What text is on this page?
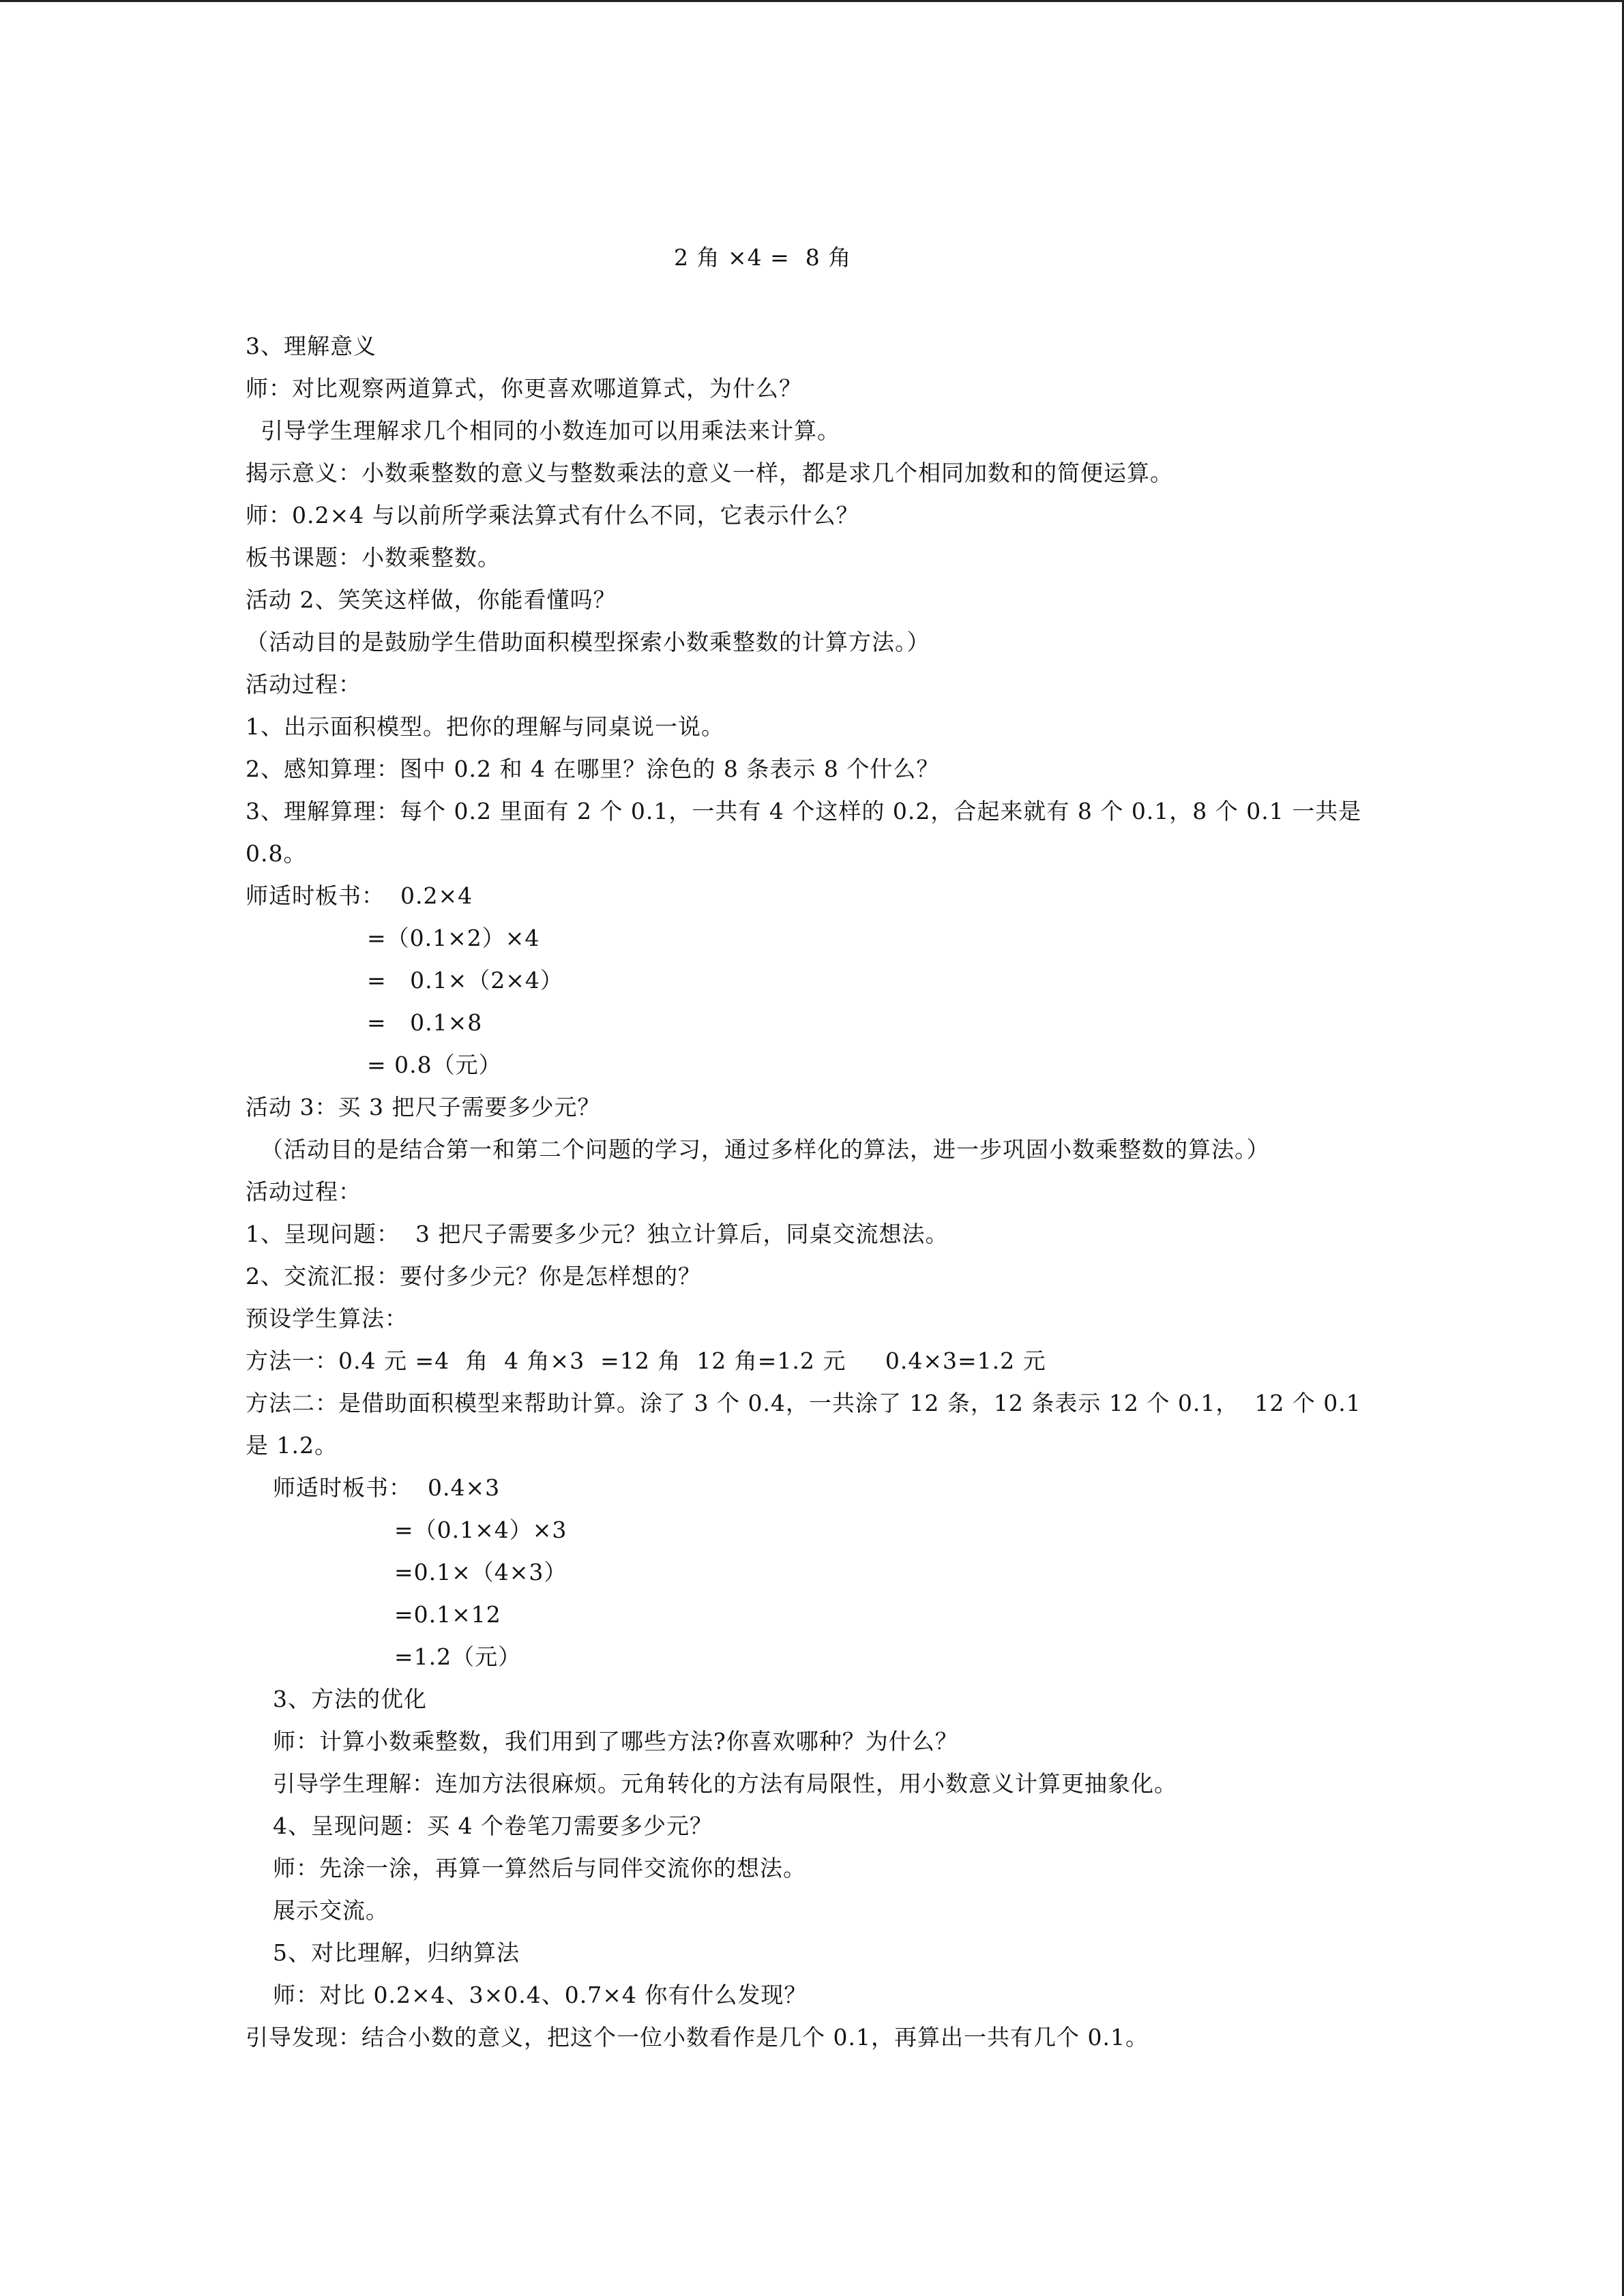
2 角 ×4 =  8 角
3、理解意义
师：对比观察两道算式，你更喜欢哪道算式，为什么？
引导学生理解求几个相同的小数连加可以用乘法来计算。
揭示意义：小数乘整数的意义与整数乘法的意义一样，都是求几个相同加数和的简便运算。
师：0.2×4 与以前所学乘法算式有什么不同，它表示什么？
板书课题：小数乘整数。
活动 2、笑笑这样做，你能看懂吗？
（活动目的是鼓励学生借助面积模型探索小数乘整数的计算方法。）
活动过程：
1、出示面积模型。把你的理解与同桌说一说。
2、感知算理：图中 0.2 和 4 在哪里？涂色的 8 条表示 8 个什么？
3、理解算理：每个 0.2 里面有 2 个 0.1，一共有 4 个这样的 0.2，合起来就有 8 个 0.1，8 个 0.1 一共是
0.8。
师适时板书：  0.2×4
=（0.1×2）×4
=   0.1×（2×4）
=   0.1×8
= 0.8（元）
活动 3：买 3 把尺子需要多少元？
（活动目的是结合第一和第二个问题的学习，通过多样化的算法，进一步巩固小数乘整数的算法。）
活动过程：
1、呈现问题：  3 把尺子需要多少元？独立计算后，同桌交流想法。
2、交流汇报：要付多少元？你是怎样想的？
预设学生算法：
方法一：0.4 元 =4  角  4 角×3  =12 角  12 角=1.2 元     0.4×3=1.2 元
方法二：是借助面积模型来帮助计算。涂了 3 个 0.4，一共涂了 12 条，12 条表示 12 个 0.1，  12 个 0.1
是 1.2。
师适时板书：  0.4×3
=（0.1×4）×3
=0.1×（4×3）
=0.1×12
=1.2（元）
3、方法的优化
师：计算小数乘整数，我们用到了哪些方法?你喜欢哪种？为什么？
引导学生理解：连加方法很麻烦。元角转化的方法有局限性，用小数意义计算更抽象化。
4、呈现问题：买 4 个卷笔刀需要多少元？
师：先涂一涂，再算一算然后与同伴交流你的想法。
展示交流。
5、对比理解，归纳算法
师：对比 0.2×4、3×0.4、0.7×4 你有什么发现？
引导发现：结合小数的意义，把这个一位小数看作是几个 0.1，再算出一共有几个 0.1。
